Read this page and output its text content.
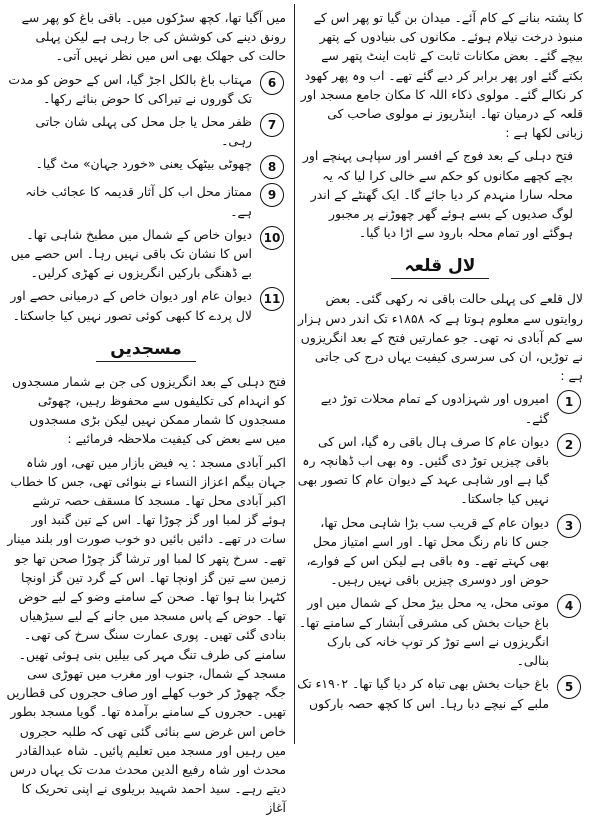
کا پشتہ بنانے کے کام آئے۔ میدان بن گیا تو پھر اس کے منبوذ درخت نیلام ہوئے۔ مکانوں کی بنیادوں کے پتھر بیچے گئے۔ بعض مکانات ثابت کے ثابت اینٹ پتھر سے بکتے گئے اور پھر برابر کر دیے گئے تھے۔ اب وہ پھر کھود کر نکالے گئے۔ مولوی ذکاء اللہ کا مکان جامع مسجد اور قلعہ کے درمیان تھا۔ اینڈریوز نے مولوی صاحب کی زبانی لکھا ہے :

فتح دہلی کے بعد فوج کے افسر اور سپاہی پہنچے اور بچے کچھے مکانوں کو حکم سے خالی کرا لیا کہ یہ محلہ سارا منہدم کر دیا جائے گا۔ ایک گھنٹے کے اندر لوگ صدیوں کے بسے ہوئے گھر چھوڑنے پر مجبور ہوگئے اور تمام محلہ بارود سے اڑا دیا گیا۔

لال قلعہ

لال قلعے کی پہلی حالت باقی نہ رکھی گئی۔ بعض روایتوں سے معلوم ہوتا ہے کہ ۱۸۵۸ء تک اندر دس ہزار سے کم آبادی نہ تھی۔ جو عمارتیں فتح کے بعد انگریزوں نے توڑیں، ان کی سرسری کیفیت یہاں درج کی جاتی ہے :

1
امیروں اور شہزادوں کے تمام محلات توڑ دیے گئے۔
2
دیوان عام کا صرف ہال باقی رہ گیا، اس کی باقی چیزیں توڑ دی گئیں۔ وہ بھی اب ڈھانچہ رہ گیا ہے اور شاہی عہد کے دیوان عام کا تصور بھی نہیں کیا جاسکتا۔
3
دیوان عام کے قریب سب بڑا شاہی محل تھا، جس کا نام رنگ محل تھا۔ اور اسے امتیاز محل بھی کہتے تھے۔ وہ باقی ہے لیکن اس کے فوارے، حوض اور دوسری چیزیں باقی نہیں رہیں۔
4
موتی محل، یہ محل بیڑ محل کے شمال میں اور باغ حیات بخش کی مشرقی آبشار کے سامنے تھا۔ انگریزوں نے اسے توڑ کر توپ خانہ کی بارک بنالی۔
5
باغ حیات بخش بھی تباہ کر دیا گیا تھا۔ ۱۹۰۲ء تک ملبے کے نیچے دبا رہا۔ اس کا کچھ حصہ بارکوں

میں آگیا تھا، کچھ سڑکوں میں۔ باقی باغ کو پھر سے رونق دینے کی کوشش کی جا رہی ہے لیکن پہلی حالت کی جھلک بھی اس میں نظر نہیں آتی۔

6
مہتاب باغ بالکل اجڑ گیا، اس کے حوض کو مدت تک گوروں نے تیراکی کا حوض بنائے رکھا۔
7
ظفر محل یا جل محل کی پہلی شان جاتی رہی۔
8
چھوٹی بیٹھک یعنی «خورد جہان» مٹ گیا۔
9
ممتاز محل اب کل آثار قدیمہ کا عجائب خانہ ہے۔
10
دیوان خاص کے شمال میں مطبخ شاہی تھا۔ اس کا نشان تک باقی نہیں رہا۔ اس حصے میں بے ڈھنگی بارکیں انگریزوں نے کھڑی کرلیں۔
11
دیوان عام اور دیوان خاص کے درمیانی حصے اور لال پردے کا کبھی کوئی تصور نہیں کیا جاسکتا۔
مسجدیں

فتح دہلی کے بعد انگریزوں کی جن بے شمار مسجدوں کو انہدام کی تکلیفوں سے محفوظ رہیں، چھوٹی مسجدوں کا شمار ممکن نہیں لیکن بڑی مسجدوں میں سے بعض کی کیفیت ملاحظہ فرمائیے :

اکبر آبادی مسجد : یہ فیض بازار میں تھی، اور شاہ جہان بیگم اعزاز النساء نے بنوائی تھی، جس کا خطاب اکبر آبادی محل تھا۔ مسجد کا مسقف حصہ ترشے ہوئے گز لمبا اور گز چوڑا تھا۔ اس کے تین گنبد اور سات در تھے۔ دائیں بائیں دو خوب صورت اور بلند مینار تھے۔ سرخ پتھر کا لمبا اور ترشا گز چوڑا صحن تھا جو زمین سے تین گز اونچا تھا۔ اس کے گرد تین گز اونچا کٹہرا بنا ہوا تھا۔ صحن کے سامنے وضو کے لیے حوض تھا۔ حوض کے پاس مسجد میں جانے کے لیے سیڑھیاں بنادی گئی تھیں۔ پوری عمارت سنگ سرخ کی تھی۔ سامنے کی طرف تنگ مہر کی بیلیں بنی ہوئی تھیں۔ مسجد کے شمال، جنوب اور مغرب میں تھوڑی سی جگہ چھوڑ کر خوب کھلے اور صاف حجروں کی قطاریں تھیں۔ حجروں کے سامنے برآمدہ تھا۔ گویا مسجد بطور خاص اس غرض سے بنائی گئی تھی کہ طلبہ حجروں میں رہیں اور مسجد میں تعلیم پائیں۔ شاہ عبدالقادر محدث اور شاہ رفیع الدین محدث مدت تک یہاں درس دیتے رہے۔ سید احمد شہید بریلوی نے اپنی تحریک کا آغاز
